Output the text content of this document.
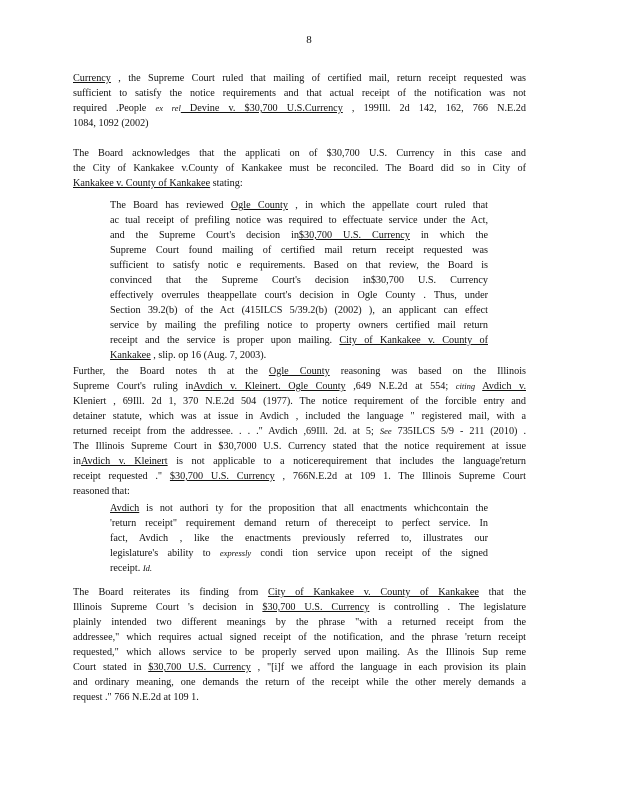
8
Currency , the Supreme Court ruled that mailing of certified mail, return receipt requested was
sufficient to satisfy the notice requirements and that actual receipt of the notification was not
required .People ex rel Devine v. $30,700 U.S.Currency , 199Ill. 2d 142, 162, 766 N.E.2d
1084, 1092 (2002)
The Board acknowledges that the applicati on of $30,700 U.S. Currency in this case and
the City of Kankakee v.County of Kankakee must be reconciled. The Board did so in City of
Kankakee v. County of Kankakee stating:
The Board has reviewed Ogle County , in which the appellate court ruled that
ac tual receipt of prefiling notice was required to effectuate service under the Act,
and the Supreme Court's decision in$30,700 U.S. Currency in which the
Supreme Court found mailing of certified mail return receipt requested was
sufficient to satisfy notic e requirements. Based on that review, the Board is
convinced that the Supreme Court's decision in$30,700 U.S. Currency
effectively overrules theappellate court's decision in Ogle County . Thus, under
Section 39.2(b) of the Act (415ILCS 5/39.2(b) (2002) ), an applicant can effect
service by mailing the prefiling notice to property owners certified mail return
receipt and the service is proper upon mailing. City of Kankakee v. County of
Kankakee , slip. op 16 (Aug. 7, 2003).
Further, the Board notes th at the Ogle County reasoning was based on the Illinois
Supreme Court's ruling inAvdich v. Kleinert. Ogle County ,649 N.E.2d at 554; citing Avdich v.
Kleniert , 69Ill. 2d 1, 370 N.E.2d 504 (1977). The notice requirement of the forcible entry and
detainer statute, which was at issue in Avdich , included the language " registered mail, with a
returned receipt from the addressee. . . ." Avdich ,69Ill. 2d. at 5; See 735ILCS 5/9 - 211 (2010) .
The Illinois Supreme Court in $30,7000 U.S. Currency stated that the notice requirement at issue
inAvdich v. Kleinert is not applicable to a noticerequirement that includes the language'return
receipt requested ." $30,700 U.S. Currency , 766N.E.2d at 109 1. The Illinois Supreme Court
reasoned that:
Avdich is not authori ty for the proposition that all enactments whichcontain the
'return receipt" requirement demand return of thereceipt to perfect service. In
fact, Avdich , like the enactments previously referred to, illustrates our
legislature's ability to expressly condi tion service upon receipt of the signed
receipt. Id.
The Board reiterates its finding from City of Kankakee v. County of Kankakee that the
Illinois Supreme Court 's decision in $30,700 U.S. Currency is controlling . The legislature
plainly intended two different meanings by the phrase "with a returned receipt from the
addressee," which requires actual signed receipt of the notification, and the phrase 'return receipt
requested," which allows service to be properly served upon mailing. As the Illinois Sup reme
Court stated in $30,700 U.S. Currency , "[i]f we afford the language in each provision its plain
and ordinary meaning, one demands the return of the receipt while the other merely demands a
request ." 766 N.E.2d at 109 1.
